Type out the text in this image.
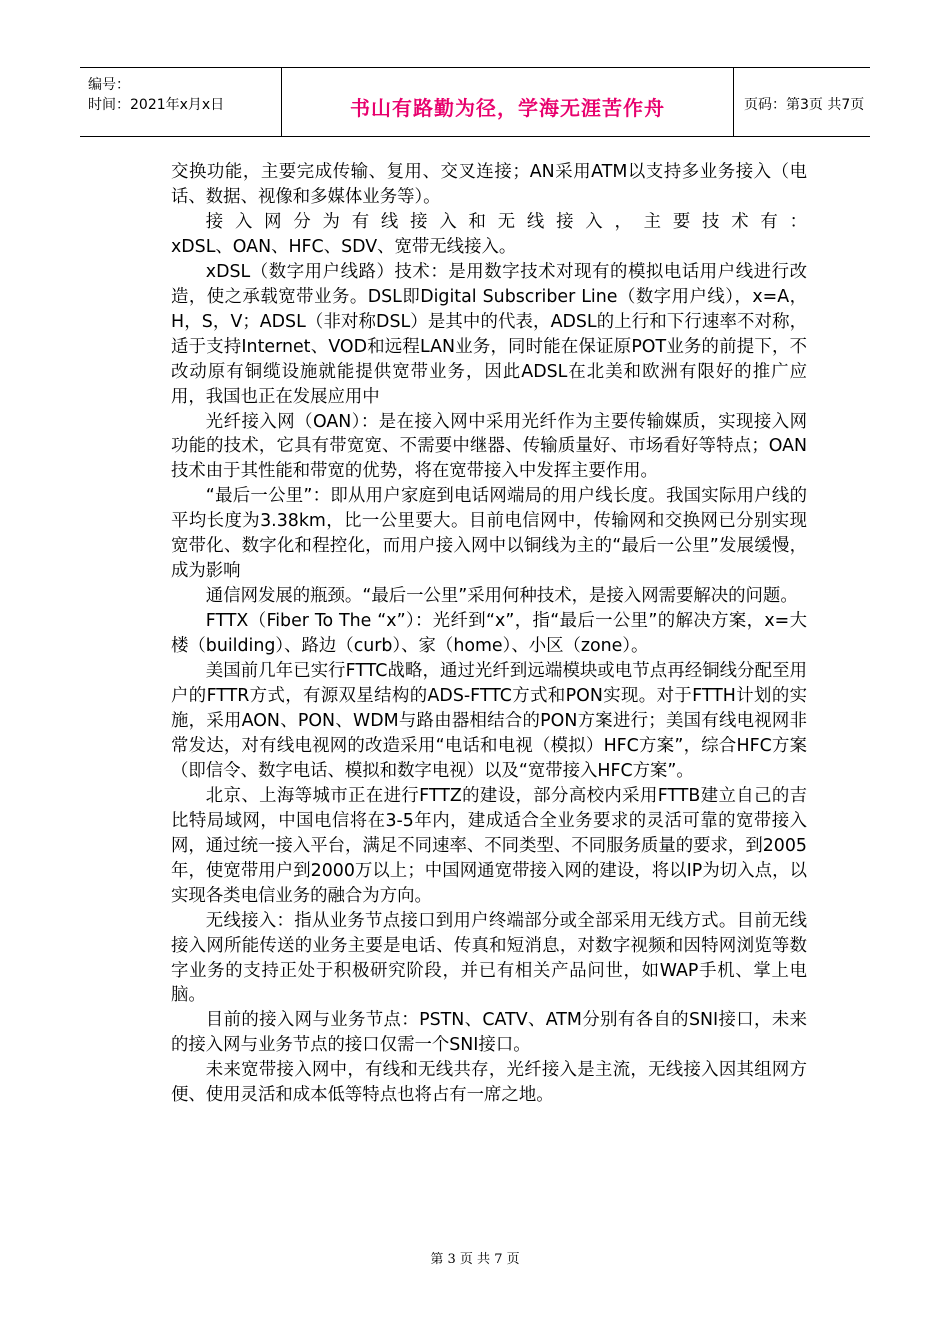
编号：
时间：2021年x月x日	书山有路勤为径，学海无涯苦作舟	页码：第3页 共7页

交换功能，主要完成传输、复用、交叉连接；AN采用ATM以支持多业务接入（电话、数据、视像和多媒体业务等）。

接入网分为有线接入和无线接入，主要技术有：

xDSL、OAN、HFC、SDV、宽带无线接入。

xDSL（数字用户线路）技术：是用数字技术对现有的模拟电话用户线进行改造，使之承载宽带业务。DSL即Digital Subscriber Line（数字用户线），x=A，H，S，V；ADSL（非对称DSL）是其中的代表，ADSL的上行和下行速率不对称，适于支持Internet、VOD和远程LAN业务，同时能在保证原POT业务的前提下，不改动原有铜缆设施就能提供宽带业务，因此ADSL在北美和欧洲有限好的推广应用，我国也正在发展应用中

光纤接入网（OAN）：是在接入网中采用光纤作为主要传输媒质，实现接入网功能的技术，它具有带宽宽、不需要中继器、传输质量好、市场看好等特点；OAN技术由于其性能和带宽的优势，将在宽带接入中发挥主要作用。

“最后一公里”：即从用户家庭到电话网端局的用户线长度。我国实际用户线的平均长度为3.38km，比一公里要大。目前电信网中，传输网和交换网已分别实现宽带化、数字化和程控化，而用户接入网中以铜线为主的“最后一公里”发展缓慢，成为影响

通信网发展的瓶颈。“最后一公里”采用何种技术，是接入网需要解决的问题。

FTTX（Fiber To The “x”）：光纤到“x”，指“最后一公里”的解决方案，x=大楼（building）、路边（curb）、家（home）、小区（zone）。

美国前几年已实行FTTC战略，通过光纤到远端模块或电节点再经铜线分配至用户的FTTR方式，有源双星结构的ADS-FTTC方式和PON实现。对于FTTH计划的实施，采用AON、PON、WDM与路由器相结合的PON方案进行；美国有线电视网非常发达，对有线电视网的改造采用“电话和电视（模拟）HFC方案”，综合HFC方案（即信令、数字电话、模拟和数字电视）以及“宽带接入HFC方案”。

北京、上海等城市正在进行FTTZ的建设，部分高校内采用FTTB建立自己的吉比特局域网，中国电信将在3-5年内，建成适合全业务要求的灵活可靠的宽带接入网，通过统一接入平台，满足不同速率、不同类型、不同服务质量的要求，到2005年，使宽带用户到2000万以上；中国网通宽带接入网的建设，将以IP为切入点，以实现各类电信业务的融合为方向。

无线接入：指从业务节点接口到用户终端部分或全部采用无线方式。目前无线接入网所能传送的业务主要是电话、传真和短消息，对数字视频和因特网浏览等数字业务的支持正处于积极研究阶段，并已有相关产品问世，如WAP手机、掌上电脑。

目前的接入网与业务节点：PSTN、CATV、ATM分别有各自的SNI接口，未来的接入网与业务节点的接口仅需一个SNI接口。

未来宽带接入网中，有线和无线共存，光纤接入是主流，无线接入因其组网方便、使用灵活和成本低等特点也将占有一席之地。

第 3 页 共 7 页
